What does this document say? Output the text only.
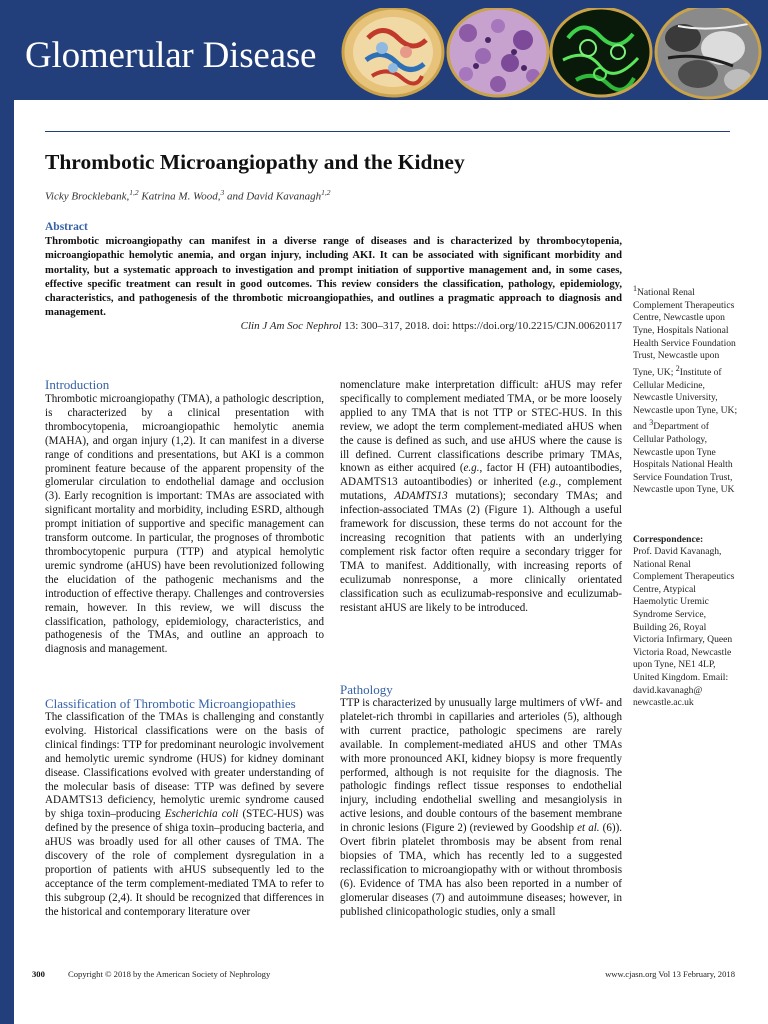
Glomerular Disease
Thrombotic Microangiopathy and the Kidney
Vicky Brocklebank,$^{1,2}$ Katrina M. Wood,$^3$ and David Kavanagh$^{1,2}$
Abstract

Thrombotic microangiopathy can manifest in a diverse range of diseases and is characterized by thrombocytopenia, microangiopathic hemolytic anemia, and organ injury, including AKI. It can be associated with significant morbidity and mortality, but a systematic approach to investigation and prompt initiation of supportive management and, in some cases, effective specific treatment can result in good outcomes. This review considers the classification, pathology, epidemiology, characteristics, and pathogenesis of the thrombotic microangiopathies, and outlines a pragmatic approach to diagnosis and management.

Clin J Am Soc Nephrol 13: 300–317, 2018. doi: https://doi.org/10.2215/CJN.00620117
Introduction

Thrombotic microangiopathy (TMA), a pathologic description, is characterized by a clinical presentation with thrombocytopenia, microangiopathic hemolytic anemia (MAHA), and organ injury (1,2). It can manifest in a diverse range of conditions and presentations, but AKI is a common prominent feature because of the apparent propensity of the glomerular circulation to endothelial damage and occlusion (3). Early recognition is important: TMAs are associated with significant mortality and morbidity, including ESRD, although prompt initiation of supportive and specific management can transform outcome. In particular, the prognoses of thrombotic thrombocytopenic purpura (TTP) and atypical hemolytic uremic syndrome (aHUS) have been revolutionized following the elucidation of the pathogenic mechanisms and the introduction of effective therapy. Challenges and controversies remain, however. In this review, we will discuss the classification, pathology, epidemiology, characteristics, and pathogenesis of the TMAs, and outline an approach to diagnosis and management.

Classification of Thrombotic Microangiopathies

The classification of the TMAs is challenging and constantly evolving. Historical classifications were on the basis of clinical findings: TTP for predominant neurologic involvement and hemolytic uremic syndrome (HUS) for kidney dominant disease. Classifications evolved with greater understanding of the molecular basis of disease: TTP was defined by severe ADAMTS13 deficiency, hemolytic uremic syndrome caused by shiga toxin–producing Escherichia coli (STEC-HUS) was defined by the presence of shiga toxin–producing bacteria, and aHUS was broadly used for all other causes of TMA. The discovery of the role of complement dysregulation in a proportion of patients with aHUS subsequently led to the acceptance of the term complement-mediated TMA to refer to this subgroup (2,4). It should be recognized that differences in the historical and contemporary literature over

nomenclature make interpretation difficult: aHUS may refer specifically to complement mediated TMA, or be more loosely applied to any TMA that is not TTP or STEC-HUS. In this review, we adopt the term complement-mediated aHUS when the cause is defined as such, and use aHUS where the cause is ill defined. Current classifications describe primary TMAs, known as either acquired (e.g., factor H (FH) autoantibodies, ADAMTS13 autoantibodies) or inherited (e.g., complement mutations, ADAMTS13 mutations); secondary TMAs; and infection-associated TMAs (2) (Figure 1). Although a useful framework for discussion, these terms do not account for the increasing recognition that patients with an underlying complement risk factor often require a secondary trigger for TMA to manifest. Additionally, with increasing reports of eculizumab nonresponse, a more clinically orientated classification such as eculizumab-responsive and eculizumab-resistant aHUS are likely to be introduced.

Pathology

TTP is characterized by unusually large multimers of vWf- and platelet-rich thrombi in capillaries and arterioles (5), although with current practice, pathologic specimens are rarely available. In complement-mediated aHUS and other TMAs with more pronounced AKI, kidney biopsy is more frequently performed, although is not requisite for the diagnosis. The pathologic findings reflect tissue responses to endothelial injury, including endothelial swelling and mesangiolysis in active lesions, and double contours of the basement membrane in chronic lesions (Figure 2) (reviewed by Goodship et al. (6)). Overt fibrin platelet thrombosis may be absent from renal biopsies of TMA, which has recently led to a suggested reclassification to microangiopathy with or without thrombosis (6). Evidence of TMA has also been reported in a number of glomerular diseases (7) and autoimmune diseases; however, in published clinicopathologic studies, only a small

$^1$National Renal Complement Therapeutics Centre, Newcastle upon Tyne, Hospitals National Health Service Foundation Trust, Newcastle upon Tyne, UK; $^2$Institute of Cellular Medicine, Newcastle University, Newcastle upon Tyne, UK; and $^3$Department of Cellular Pathology, Newcastle upon Tyne Hospitals National Health Service Foundation Trust, Newcastle upon Tyne, UK
Correspondence:
Prof. David Kavanagh, National Renal Complement Therapeutics Centre, Atypical Haemolytic Uremic Syndrome Service, Building 26, Royal Victoria Infirmary, Queen Victoria Road, Newcastle upon Tyne, NE1 4LP, United Kingdom. Email: david.kavanagh@ newcastle.ac.uk
300	Copyright © 2018 by the American Society of Nephrology	www.cjasn.org Vol 13 February, 2018
